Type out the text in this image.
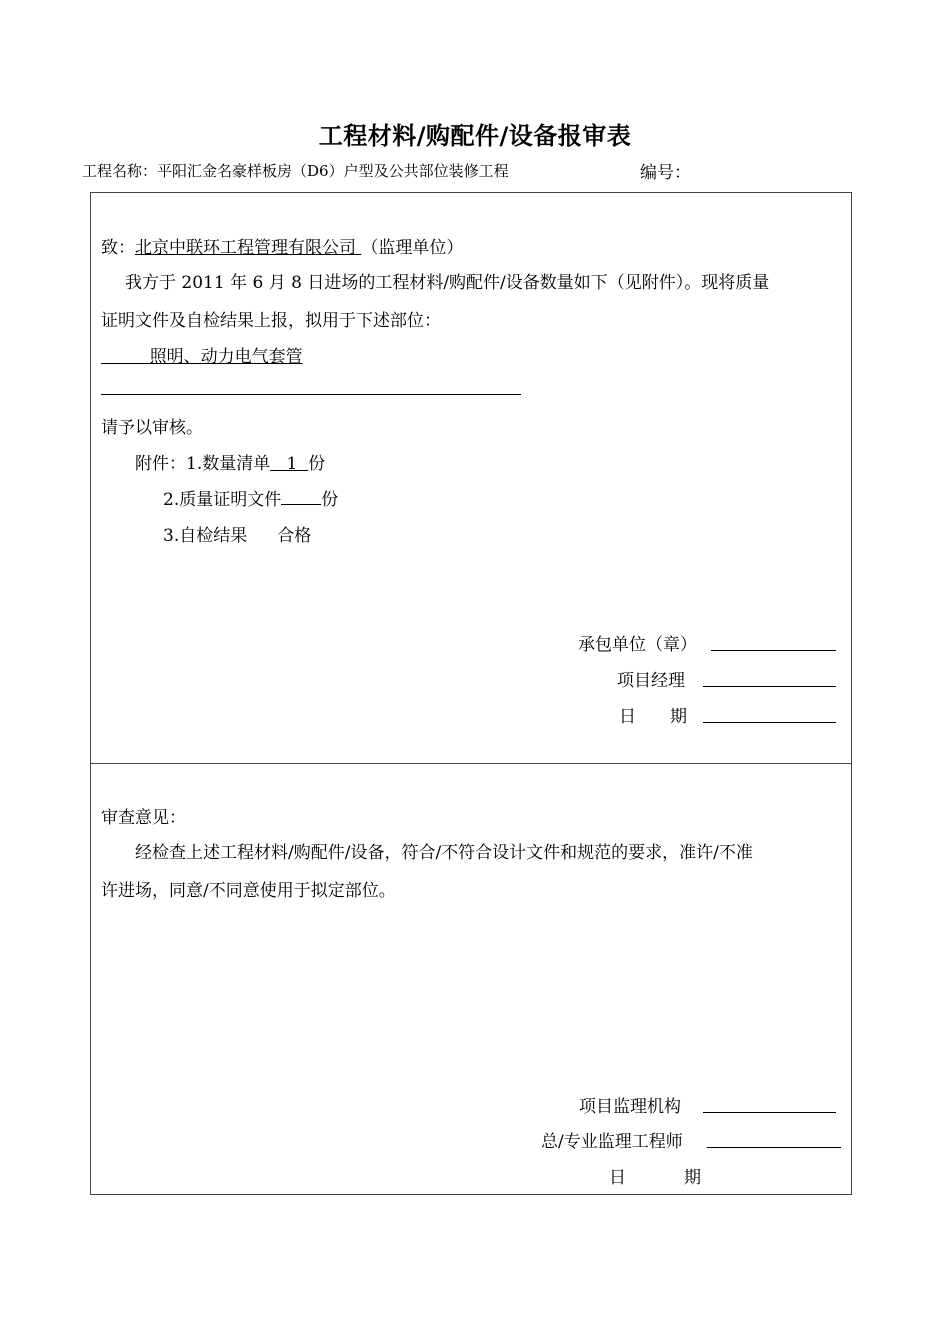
工程材料/购配件/设备报审表
工程名称：平阳汇金名豪样板房（D6）户型及公共部位装修工程	编号：
致：北京中联环工程管理有限公司 （监理单位）
我方于 2011 年 6 月 8 日进场的工程材料/购配件/设备数量如下（见附件）。现将质量
证明文件及自检结果上报，拟用于下述部位：
照明、动力电气套管
请予以审核。
附件：1.数量清单 1 份
2.质量证明文件 份
3.自检结果 合格
承包单位（章）
项目经理
日 期
审查意见：
经检查上述工程材料/购配件/设备，符合/不符合设计文件和规范的要求，准许/不准
许进场，同意/不同意使用于拟定部位。
项目监理机构
总/专业监理工程师
日	期
